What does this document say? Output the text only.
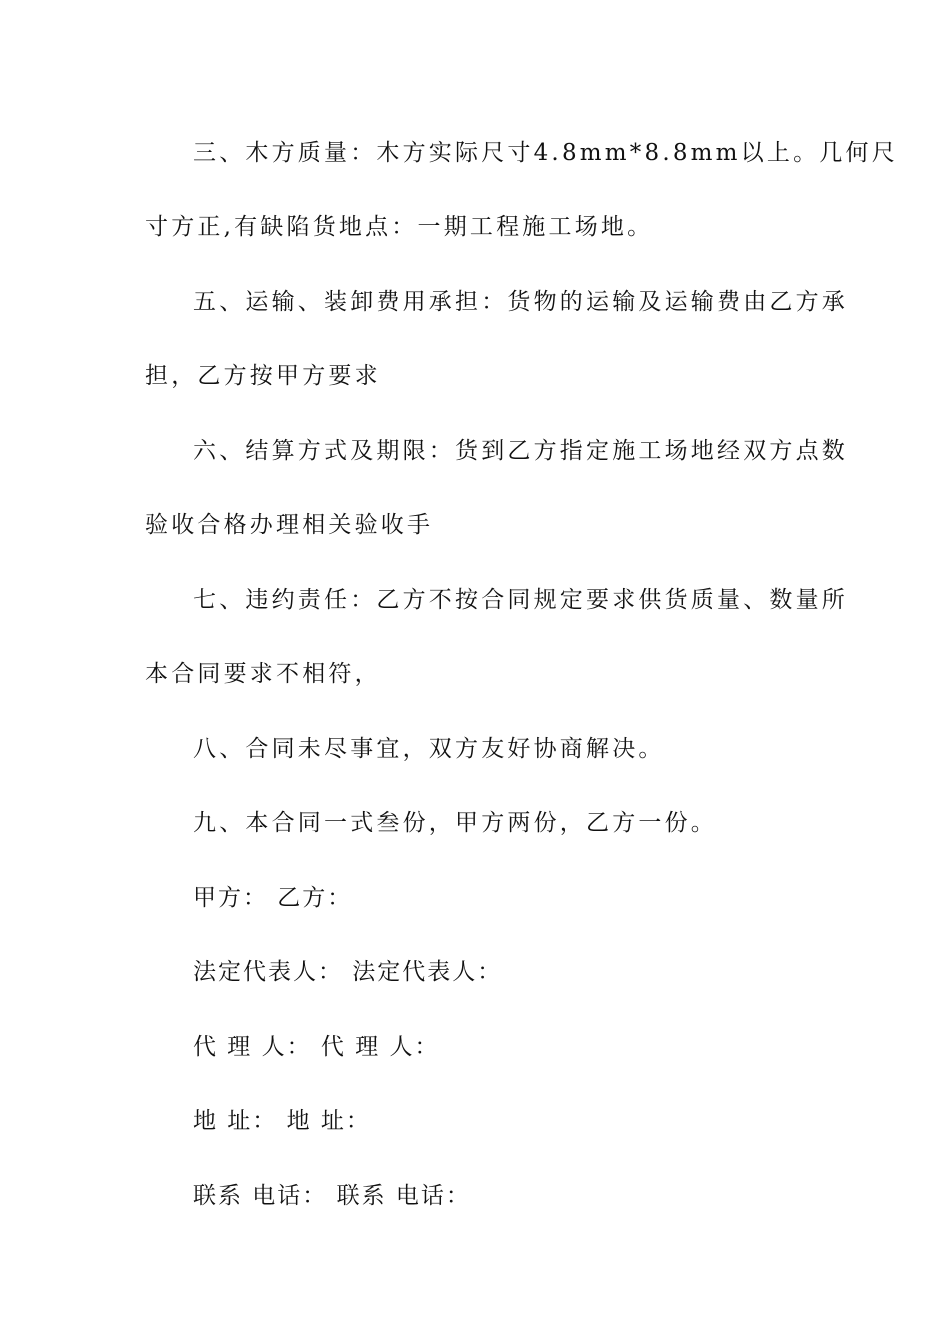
三、木方质量：木方实际尺寸4.8mm*8.8mm以上。几何尺
寸方正,有缺陷货地点：一期工程施工场地。
五、运输、装卸费用承担：货物的运输及运输费由乙方承
担，乙方按甲方要求
六、结算方式及期限：货到乙方指定施工场地经双方点数
验收合格办理相关验收手
七、违约责任：乙方不按合同规定要求供货质量、数量所
本合同要求不相符，
八、合同未尽事宜，双方友好协商解决。
九、本合同一式叁份，甲方两份，乙方一份。
甲方： 乙方：
法定代表人： 法定代表人：
代 理 人： 代 理 人：
地 址： 地 址：
联系 电话： 联系 电话：
